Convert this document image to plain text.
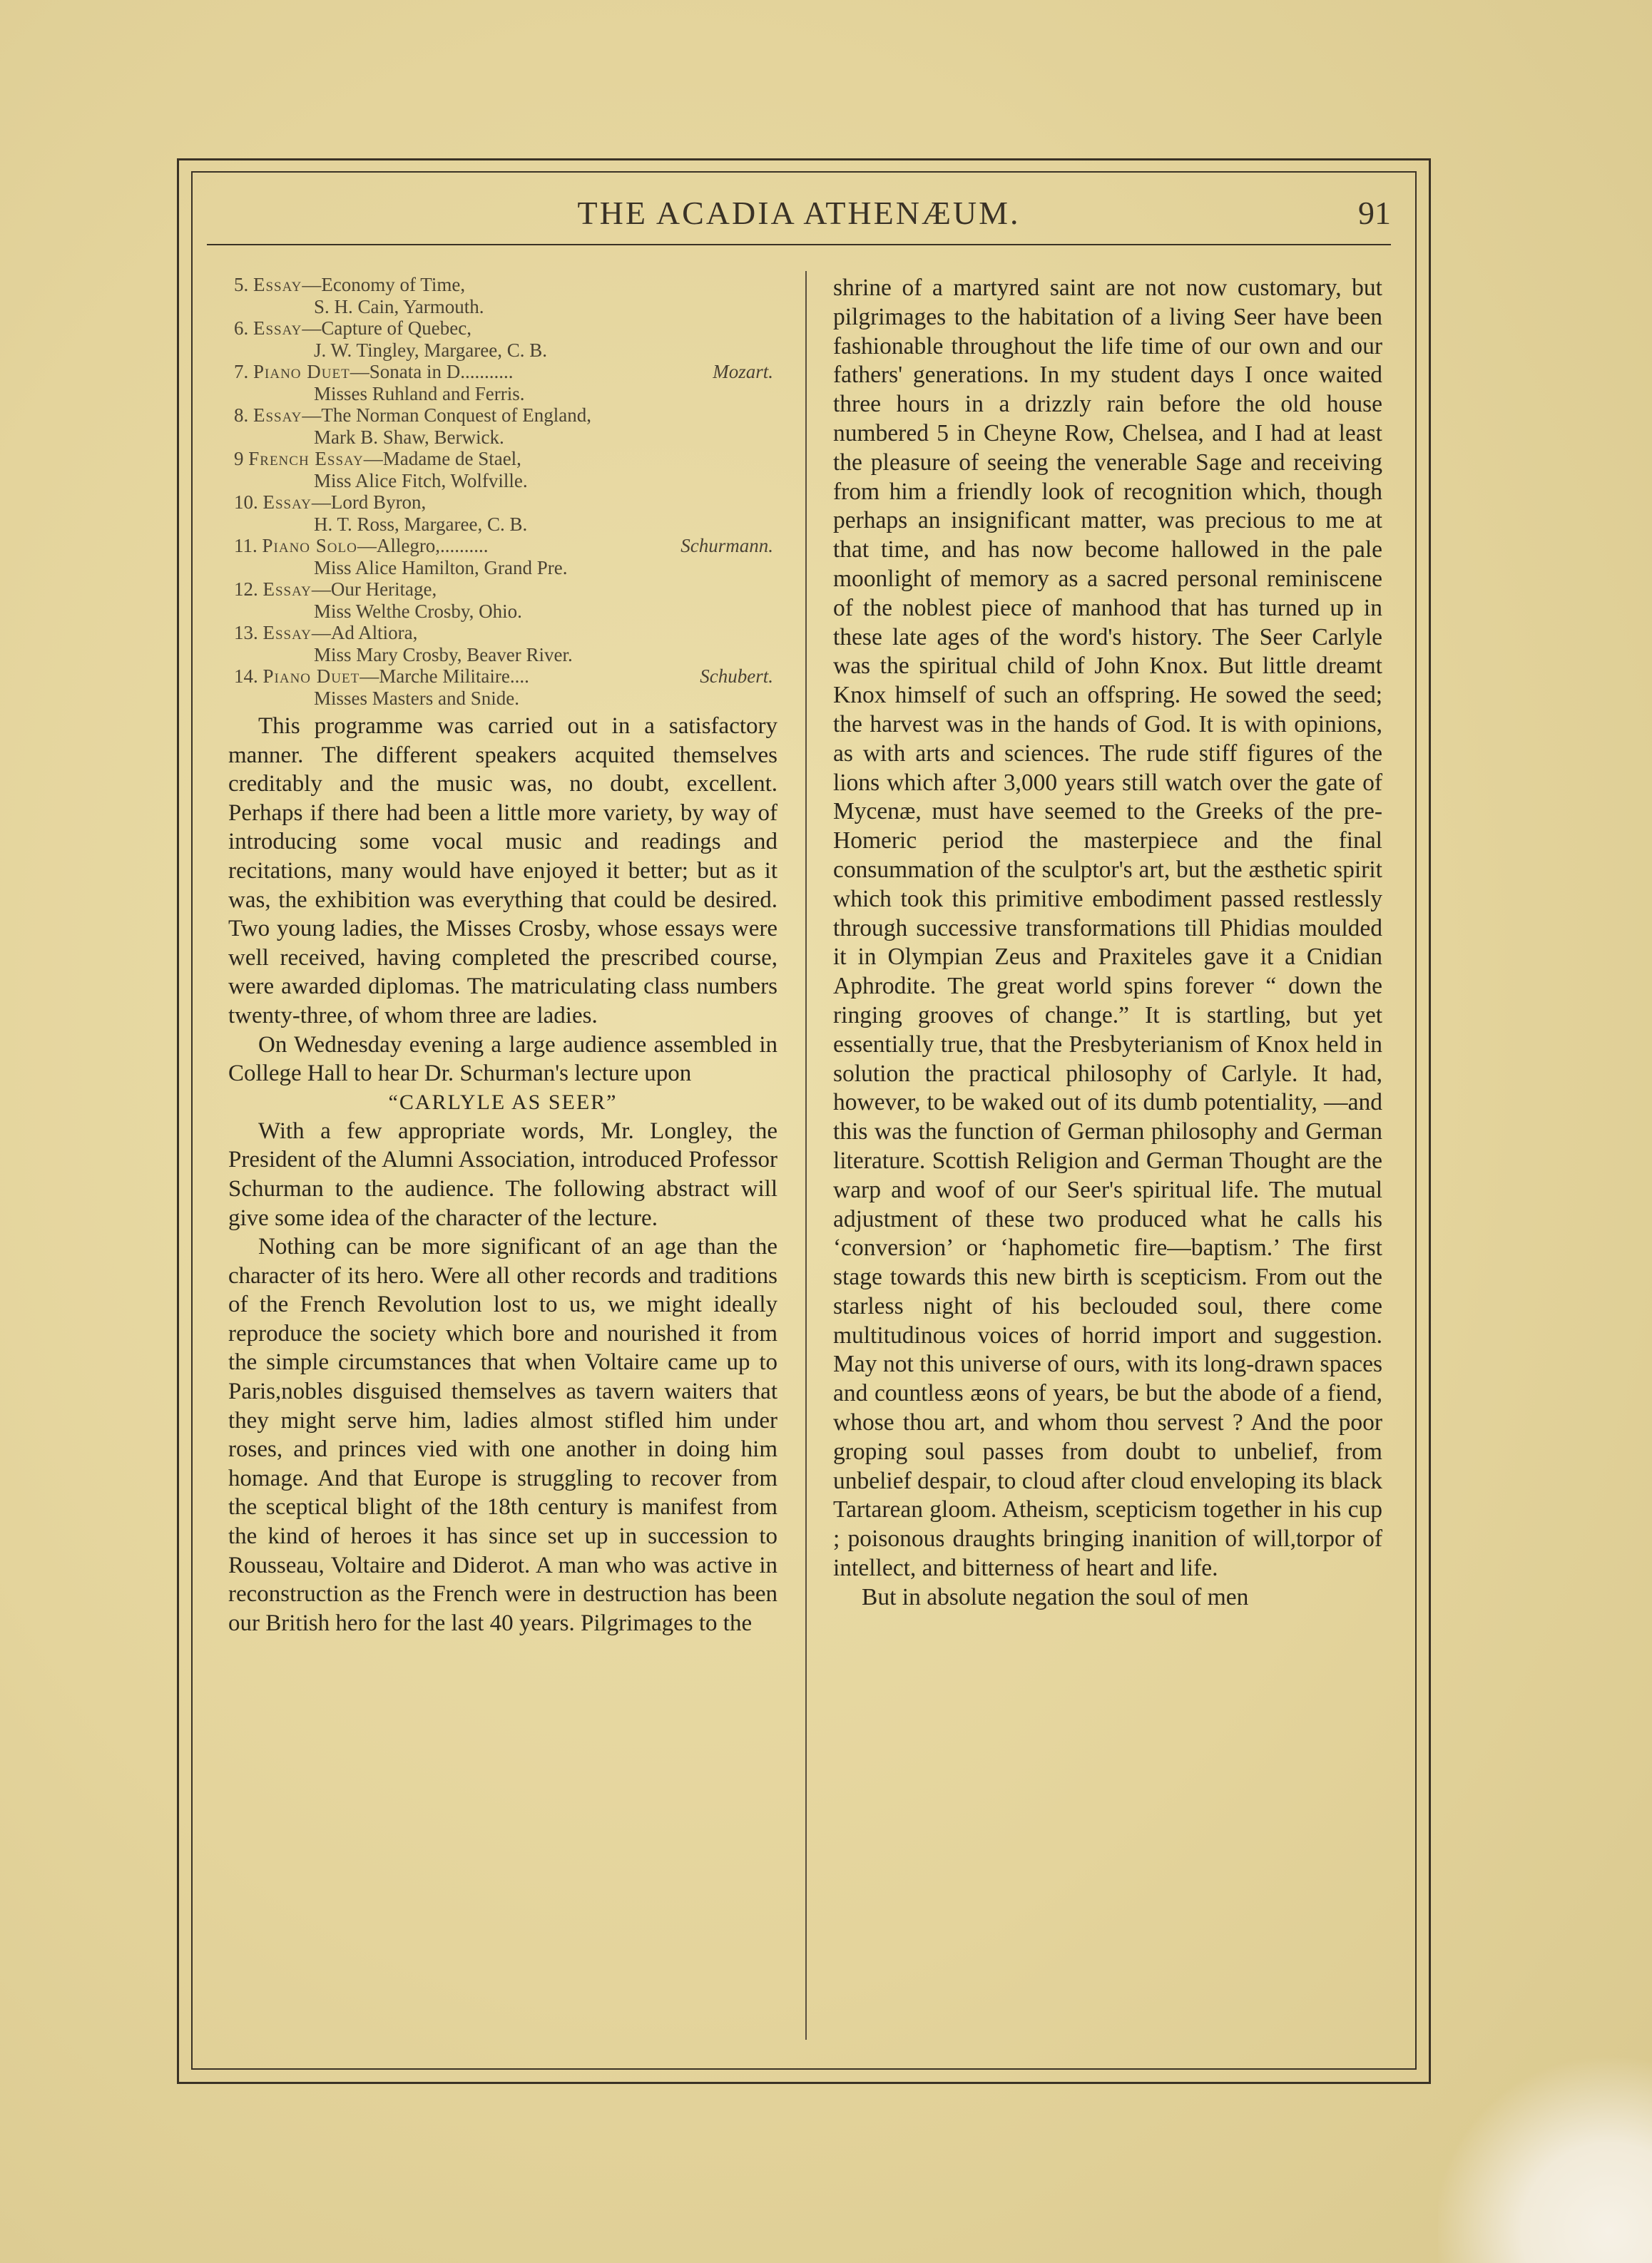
THE ACADIA ATHENÆUM.	91
5. Essay—Economy of Time,
S. H. Cain, Yarmouth.
6. Essay—Capture of Quebec,
J. W. Tingley, Margaree, C. B.
7. Piano Duet—Sonata in D...........	Mozart.
Misses Ruhland and Ferris.
8. Essay—The Norman Conquest of England,
Mark B. Shaw, Berwick.
9 French Essay—Madame de Stael,
Miss Alice Fitch, Wolfville.
10. Essay—Lord Byron,
H. T. Ross, Margaree, C. B.
11. Piano Solo—Allegro,..........	Schurmann.
Miss Alice Hamilton, Grand Pre.
12. Essay—Our Heritage,
Miss Welthe Crosby, Ohio.
13. Essay—Ad Altiora,
Miss Mary Crosby, Beaver River.
14. Piano Duet—Marche Militaire....	Schubert.
Misses Masters and Snide.

This programme was carried out in a satisfactory manner. The different speakers acquited themselves creditably and the music was, no doubt, excellent. Perhaps if there had been a little more variety, by way of introducing some vocal music and readings and recitations, many would have enjoyed it better; but as it was, the exhibition was everything that could be desired. Two young ladies, the Misses Crosby, whose essays were well received, having completed the prescribed course, were awarded diplomas. The matriculating class numbers twenty-three, of whom three are ladies.

On Wednesday evening a large audience assembled in College Hall to hear Dr. Schurman's lecture upon

“CARLYLE AS SEER”

With a few appropriate words, Mr. Longley, the President of the Alumni Association, introduced Professor Schurman to the audience. The following abstract will give some idea of the character of the lecture.

Nothing can be more significant of an age than the character of its hero. Were all other records and traditions of the French Revolution lost to us, we might ideally reproduce the society which bore and nourished it from the simple circumstances that when Voltaire came up to Paris,nobles disguised themselves as tavern waiters that they might serve him, ladies almost stifled him under roses, and princes vied with one another in doing him homage. And that Europe is struggling to recover from the sceptical blight of the 18th century is manifest from the kind of heroes it has since set up in succession to Rousseau, Voltaire and Diderot. A man who was active in reconstruction as the French were in destruction has been our British hero for the last 40 years. Pilgrimages to the

shrine of a martyred saint are not now customary, but pilgrimages to the habitation of a living Seer have been fashionable throughout the life time of our own and our fathers' generations. In my student days I once waited three hours in a drizzly rain before the old house numbered 5 in Cheyne Row, Chelsea, and I had at least the pleasure of seeing the venerable Sage and receiving from him a friendly look of recognition which, though perhaps an insignificant matter, was precious to me at that time, and has now become hallowed in the pale moonlight of memory as a sacred personal reminiscene of the noblest piece of manhood that has turned up in these late ages of the word's history. The Seer Carlyle was the spiritual child of John Knox. But little dreamt Knox himself of such an offspring. He sowed the seed; the harvest was in the hands of God. It is with opinions, as with arts and sciences. The rude stiff figures of the lions which after 3,000 years still watch over the gate of Mycenæ, must have seemed to the Greeks of the pre-Homeric period the masterpiece and the final consummation of the sculptor's art, but the æsthetic spirit which took this primitive embodiment passed restlessly through successive transformations till Phidias moulded it in Olympian Zeus and Praxiteles gave it a Cnidian Aphrodite. The great world spins forever “ down the ringing grooves of change.” It is startling, but yet essentially true, that the Presbyterianism of Knox held in solution the practical philosophy of Carlyle. It had, however, to be waked out of its dumb potentiality, —and this was the function of German philosophy and German literature. Scottish Religion and German Thought are the warp and woof of our Seer's spiritual life. The mutual adjustment of these two produced what he calls his ‘conversion’ or ‘haphometic fire—baptism.’ The first stage towards this new birth is scepticism. From out the starless night of his beclouded soul, there come multitudinous voices of horrid import and suggestion. May not this universe of ours, with its long-drawn spaces and countless æons of years, be but the abode of a fiend, whose thou art, and whom thou servest ? And the poor groping soul passes from doubt to unbelief, from unbelief despair, to cloud after cloud enveloping its black Tartarean gloom. Atheism, scepticism together in his cup ; poisonous draughts bringing inanition of will,torpor of intellect, and bitterness of heart and life.

But in absolute negation the soul of men
